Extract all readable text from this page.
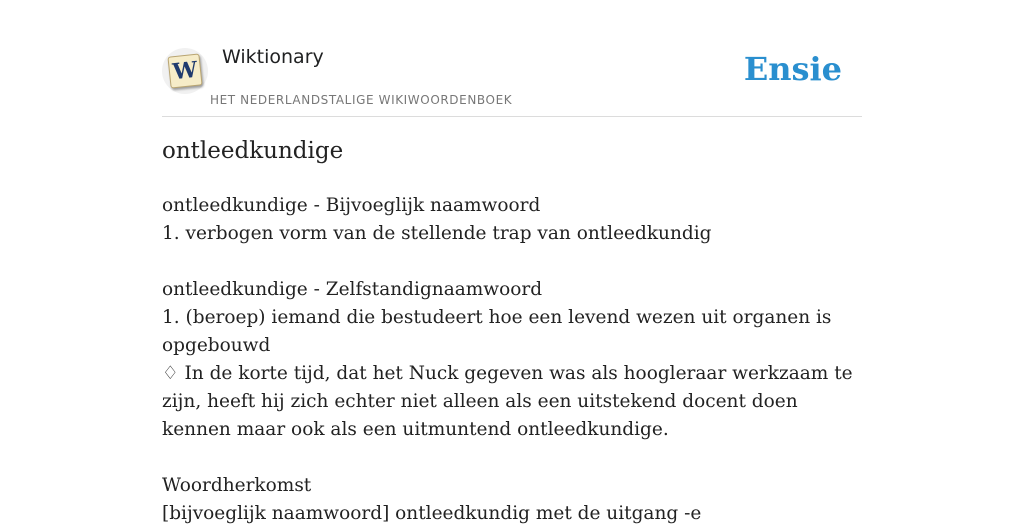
W Wiktionary
HET NEDERLANDSTALIGE WIKIWOORDENBOEK
Ensie
ontleedkundige

ontleedkundige - Bijvoeglijk naamwoord

1. verbogen vorm van de stellende trap van ontleedkundig

ontleedkundige - Zelfstandignaamwoord

1. (beroep) iemand die bestudeert hoe een levend wezen uit organen is opgebouwd

♢ In de korte tijd, dat het Nuck gegeven was als hoogleraar werkzaam te zijn, heeft hij zich echter niet alleen als een uitstekend docent doen kennen maar ook als een uitmuntend ontleedkundige.

Woordherkomst

[bijvoeglijk naamwoord] ontleedkundig met de uitgang -e
